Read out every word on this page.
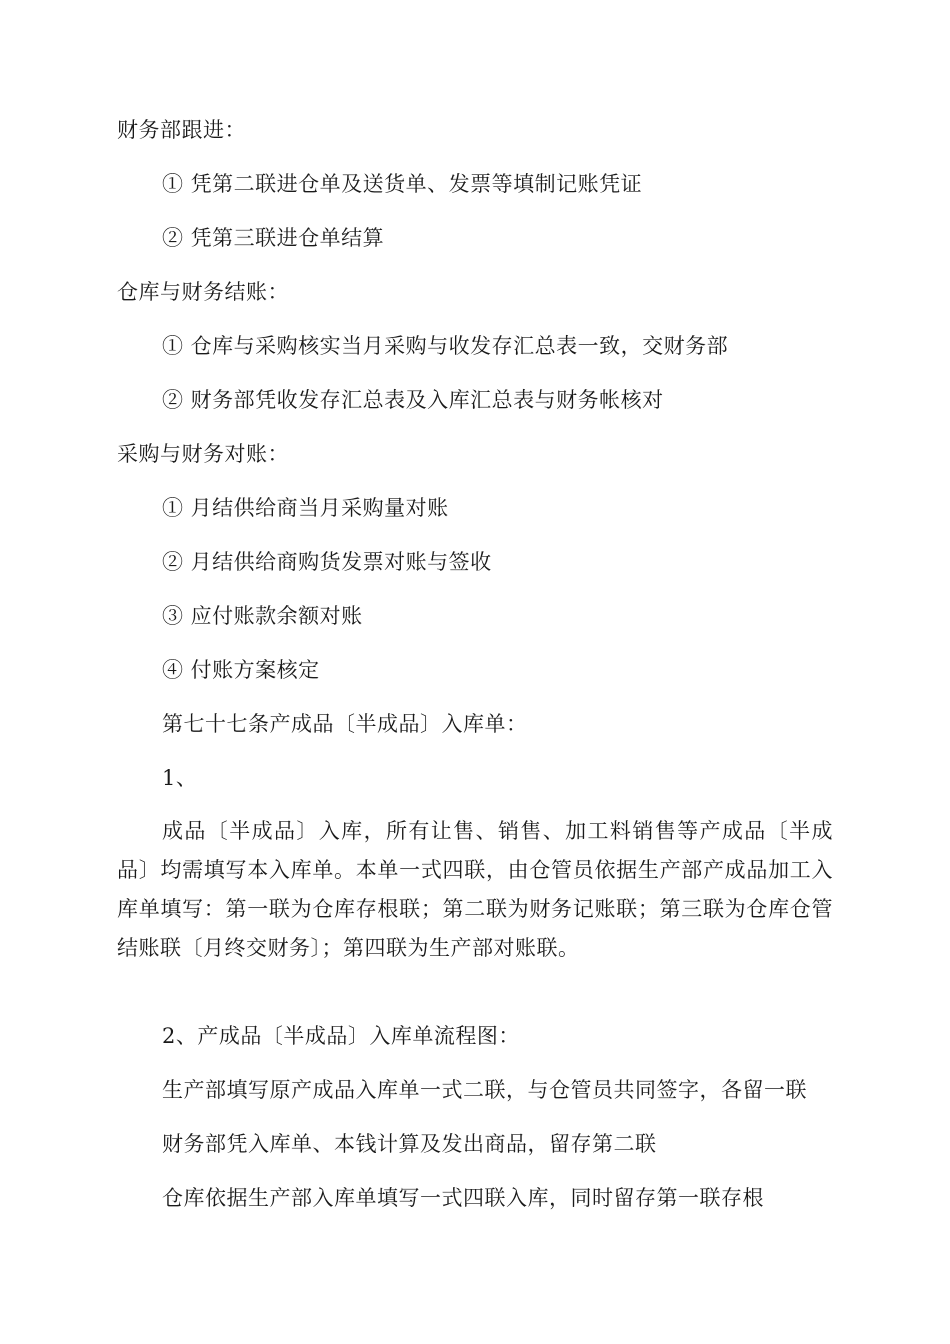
财务部跟进：
① 凭第二联进仓单及送货单、发票等填制记账凭证
② 凭第三联进仓单结算
仓库与财务结账：
① 仓库与采购核实当月采购与收发存汇总表一致，交财务部
② 财务部凭收发存汇总表及入库汇总表与财务帐核对
采购与财务对账：
① 月结供给商当月采购量对账
② 月结供给商购货发票对账与签收
③ 应付账款余额对账
④ 付账方案核定
第七十七条产成品〔半成品〕入库单：
1、
成品〔半成品〕入库，所有让售、销售、加工料销售等产成品〔半成品〕均需填写本入库单。本单一式四联，由仓管员依据生产部产成品加工入库单填写：第一联为仓库存根联；第二联为财务记账联；第三联为仓库仓管结账联〔月终交财务〕；第四联为生产部对账联。
2、产成品〔半成品〕入库单流程图：
生产部填写原产成品入库单一式二联，与仓管员共同签字，各留一联
财务部凭入库单、本钱计算及发出商品，留存第二联
仓库依据生产部入库单填写一式四联入库，同时留存第一联存根
